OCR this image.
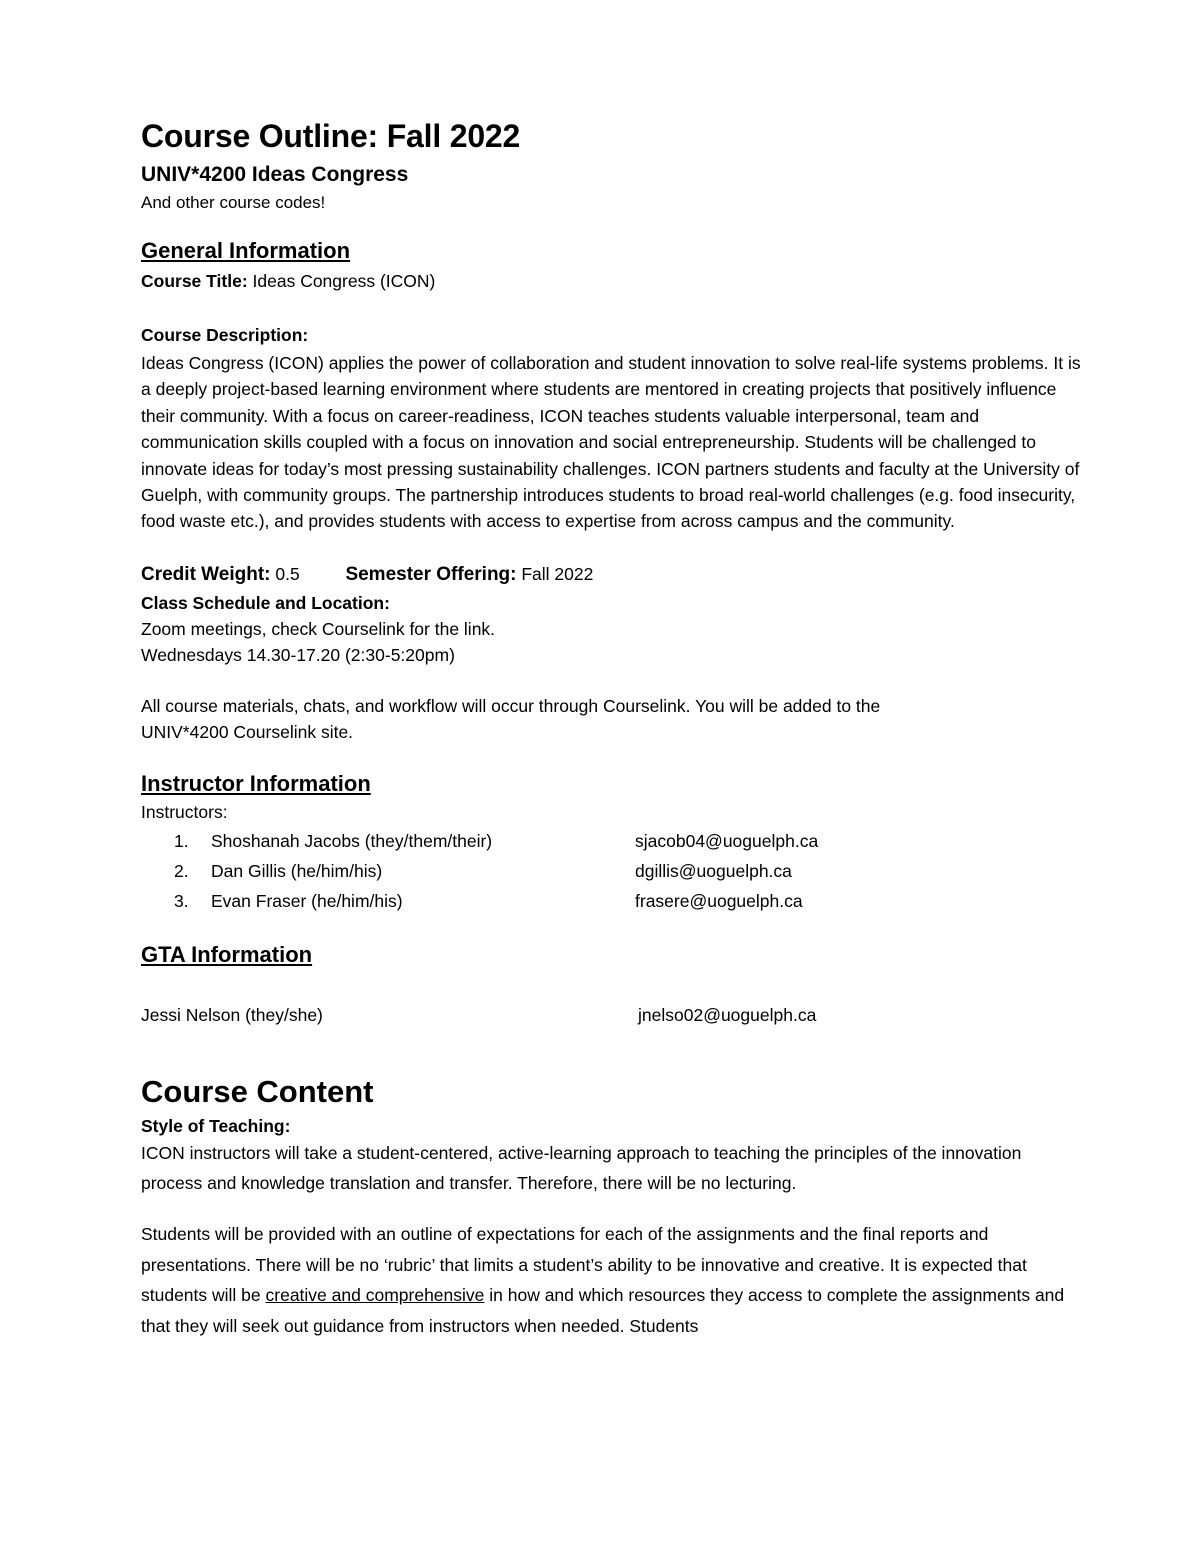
Course Outline: Fall 2022
UNIV*4200 Ideas Congress
And other course codes!
General Information
Course Title: Ideas Congress (ICON)
Course Description:

Ideas Congress (ICON) applies the power of collaboration and student innovation to solve real-life systems problems. It is a deeply project-based learning environment where students are mentored in creating projects that positively influence their community. With a focus on career-readiness, ICON teaches students valuable interpersonal, team and communication skills coupled with a focus on innovation and social entrepreneurship. Students will be challenged to innovate ideas for today’s most pressing sustainability challenges. ICON partners students and faculty at the University of Guelph, with community groups. The partnership introduces students to broad real-world challenges (e.g. food insecurity, food waste etc.), and provides students with access to expertise from across campus and the community.

Credit Weight: 0.5 Semester Offering: Fall 2022
Class Schedule and Location:
Zoom meetings, check Courselink for the link.
Wednesdays 14.30-17.20 (2:30-5:20pm)
All course materials, chats, and workflow will occur through Courselink. You will be added to the
UNIV*4200 Courselink site.
Instructor Information
Instructors:
1. Shoshanah Jacobs (they/them/their)	sjacob04@uoguelph.ca
2. Dan Gillis (he/him/his)	dgillis@uoguelph.ca
3. Evan Fraser (he/him/his)	frasere@uoguelph.ca
GTA Information
Jessi Nelson (they/she)	jnelso02@uoguelph.ca
Course Content
Style of Teaching:

ICON instructors will take a student-centered, active-learning approach to teaching the principles of the innovation process and knowledge translation and transfer. Therefore, there will be no lecturing.

Students will be provided with an outline of expectations for each of the assignments and the final reports and presentations. There will be no ‘rubric’ that limits a student’s ability to be innovative and creative. It is expected that students will be creative and comprehensive in how and which resources they access to complete the assignments and that they will seek out guidance from instructors when needed. Students
